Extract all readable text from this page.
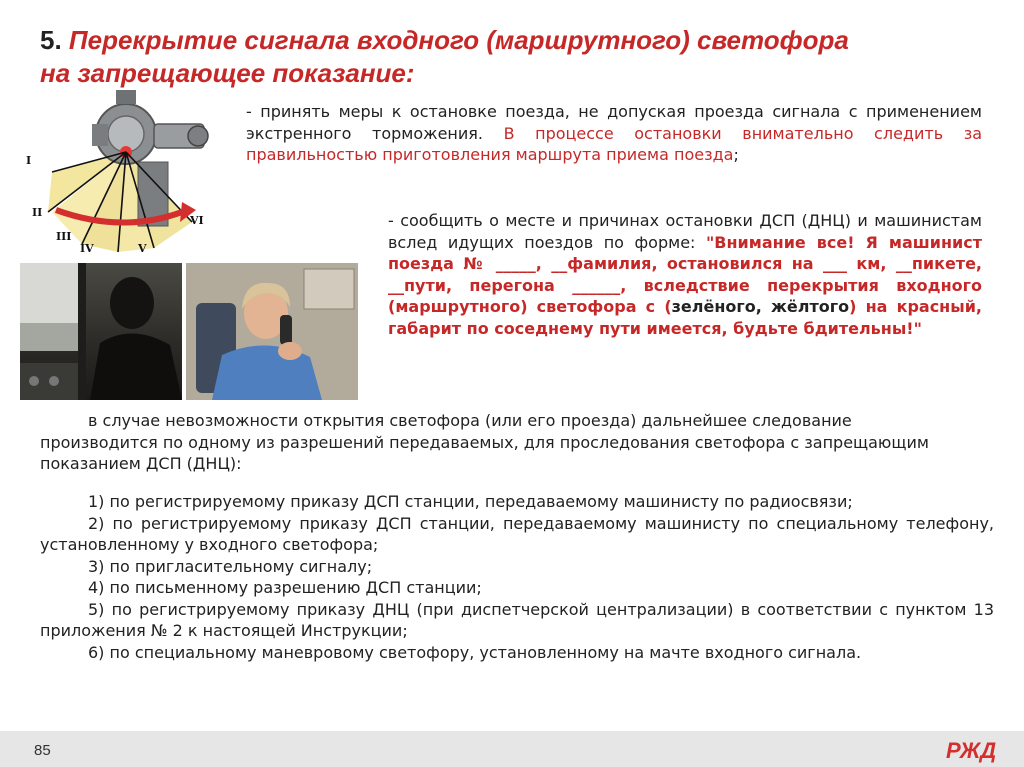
5. Перекрытие сигнала входного (маршрутного) светофора
на запрещающее показание:
I
II
III
IV	V
VI

- принять меры к остановке поезда, не допуская проезда сигнала с применением экстренного торможения. В процессе остановки внимательно следить за правильностью приготовления маршрута приема поезда;

- сообщить о месте и причинах остановки ДСП (ДНЦ) и машинистам вслед идущих поездов по форме: "Внимание все! Я машинист поезда № _____, __фамилия, остановился на ___ км, __пикете, __пути, перегона ______, вследствие перекрытия входного (маршрутного) светофора с (зелёного, жёлтого) на красный, габарит по соседнему пути имеется, будьте бдительны!"

в случае невозможности открытия светофора (или его проезда) дальнейшее следование производится по одному из разрешений передаваемых, для проследования светофора с запрещающим показанием ДСП (ДНЦ):

1) по регистрируемому приказу ДСП станции, передаваемому машинисту по радиосвязи;
2) по регистрируемому приказу ДСП станции, передаваемому машинисту по специальному телефону, установленному у входного светофора;
3) по пригласительному сигналу;
4) по письменному разрешению ДСП станции;
5) по регистрируемому приказу ДНЦ (при диспетчерской централизации) в соответствии с пунктом 13 приложения № 2 к настоящей Инструкции;
6) по специальному маневровому светофору, установленному на мачте входного сигнала.
85	РЖД
